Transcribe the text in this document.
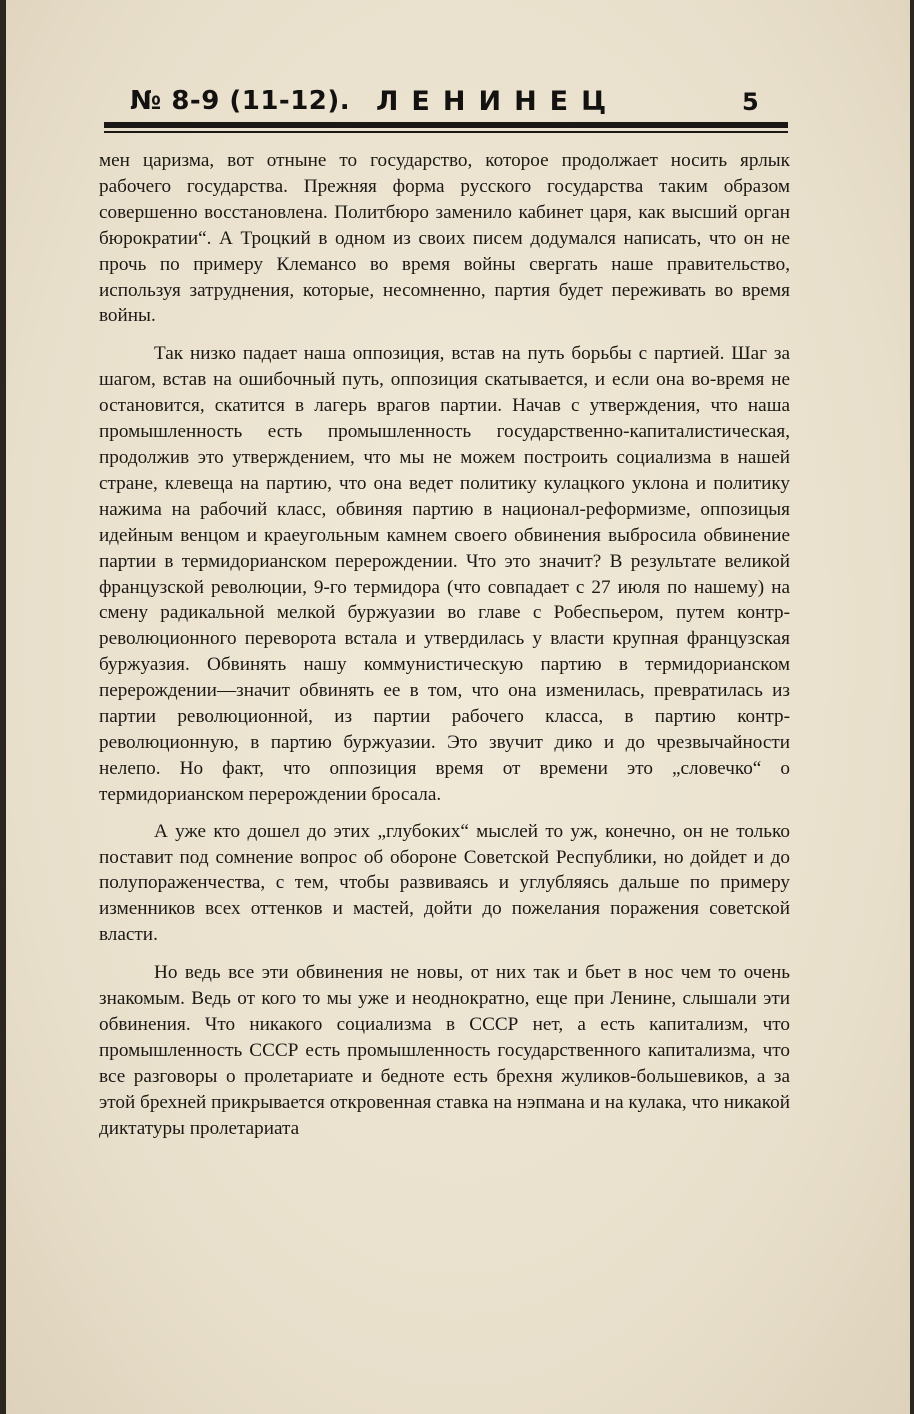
№ 8-9 (11-12). ЛЕНИНЕЦ	5

мен царизма, вот отныне то государство, которое продолжает носить ярлык рабочего государства. Прежняя форма русского государства таким образом совершенно восстановлена. Политбюро заменило кабинет царя, как высший орган бюрократии“. А Троцкий в одном из своих писем додумался написать, что он не прочь по примеру Клемансо во время войны свергать наше правительство, используя затруднения, которые, несомненно, партия будет переживать во время войны.

Так низко падает наша оппозиция, встав на путь борьбы с партией. Шаг за шагом, встав на ошибочный путь, оппозиция скатывается, и если она во-время не остановится, скатится в лагерь врагов партии. Начав с утверждения, что наша промышленность есть промышленность государственно-капиталистическая, продолжив это утверждением, что мы не можем построить социализма в нашей стране, клевеща на партию, что она ведет политику кулацкого уклона и политику нажима на рабочий класс, обвиняя партию в национал-реформизме, оппозицыя идейным венцом и краеугольным камнем своего обвинения выбросила обвинение партии в термидорианском перерождении. Что это значит? В результате великой французской революции, 9-го термидора (что совпадает с 27 июля по нашему) на смену радикальной мелкой буржуазии во главе с Робеспьером, путем контр-революционного переворота встала и утвердилась у власти крупная французская буржуазия. Обвинять нашу коммунистическую партию в термидорианском перерождении—значит обвинять ее в том, что она изменилась, превратилась из партии революционной, из партии рабочего класса, в партию контр-революционную, в партию буржуазии. Это звучит дико и до чрезвычайности нелепо. Но факт, что оппозиция время от времени это „словечко“ о термидорианском перерождении бросала.

А уже кто дошел до этих „глубоких“ мыслей то уж, конечно, он не только поставит под сомнение вопрос об обороне Советской Республики, но дойдет и до полупораженчества, с тем, чтобы развиваясь и углубляясь дальше по примеру изменников всех оттенков и мастей, дойти до пожелания поражения советской власти.

Но ведь все эти обвинения не новы, от них так и бьет в нос чем то очень знакомым. Ведь от кого то мы уже и неоднократно, еще при Ленине, слышали эти обвинения. Что никакого социализма в СССР нет, а есть капитализм, что промышленность СССР есть промышленность государственного капитализма, что все разговоры о пролетариате и бедноте есть брехня жуликов-большевиков, а за этой брехней прикрывается откровенная ставка на нэпмана и на кулака, что никакой диктатуры пролетариата
